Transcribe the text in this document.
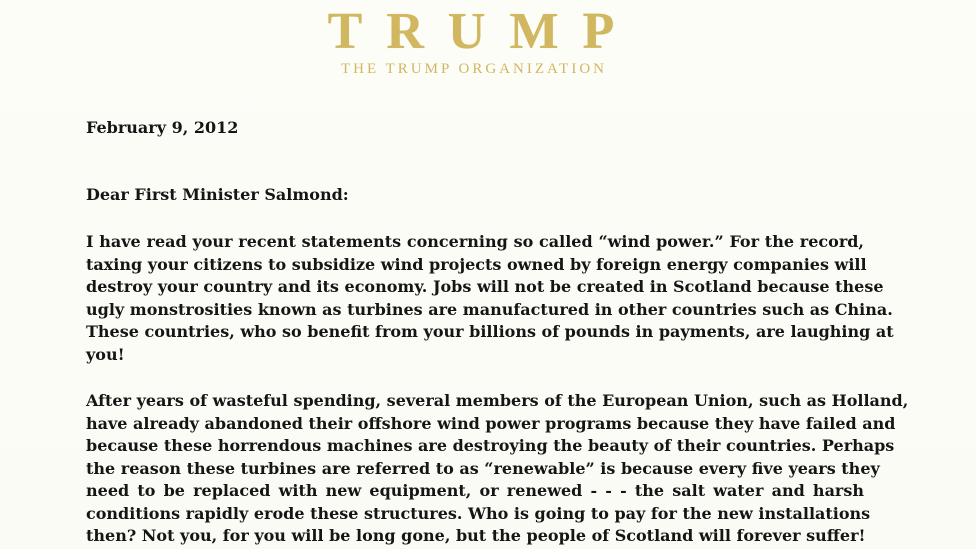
TRUMP
THE TRUMP ORGANIZATION
February 9, 2012
Dear First Minister Salmond:
I have read your recent statements concerning so called “wind power.” For the record,
taxing your citizens to subsidize wind projects owned by foreign energy companies will
destroy your country and its economy. Jobs will not be created in Scotland because these
ugly monstrosities known as turbines are manufactured in other countries such as China.
These countries, who so benefit from your billions of pounds in payments, are laughing at
you!
After years of wasteful spending, several members of the European Union, such as Holland,
have already abandoned their offshore wind power programs because they have failed and
because these horrendous machines are destroying the beauty of their countries. Perhaps
the reason these turbines are referred to as “renewable” is because every five years they
need to be replaced with new equipment, or renewed - - - the salt water and harsh
conditions rapidly erode these structures. Who is going to pay for the new installations
then? Not you, for you will be long gone, but the people of Scotland will forever suffer!
